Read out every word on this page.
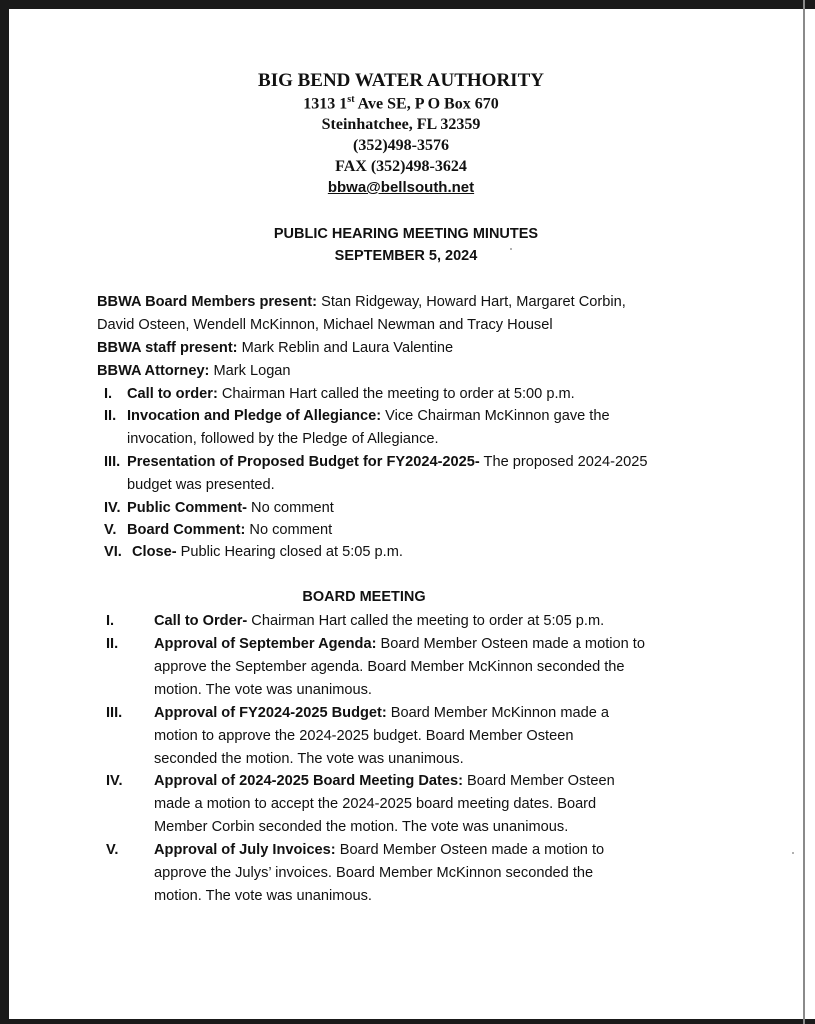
BIG BEND WATER AUTHORITY
1313 1st Ave SE, P O Box 670
Steinhatchee, FL 32359
(352)498-3576
FAX (352)498-3624
bbwa@bellsouth.net
PUBLIC HEARING MEETING MINUTES
SEPTEMBER 5, 2024
BBWA Board Members present: Stan Ridgeway, Howard Hart, Margaret Corbin,
David Osteen, Wendell McKinnon, Michael Newman and Tracy Housel
BBWA staff present: Mark Reblin and Laura Valentine
BBWA Attorney: Mark Logan
I. Call to order: Chairman Hart called the meeting to order at 5:00 p.m.
II. Invocation and Pledge of Allegiance: Vice Chairman McKinnon gave the
invocation, followed by the Pledge of Allegiance.
III. Presentation of Proposed Budget for FY2024-2025- The proposed 2024-2025
budget was presented.
IV. Public Comment- No comment
V. Board Comment: No comment
VI. Close- Public Hearing closed at 5:05 p.m.
BOARD MEETING
I.	Call to Order- Chairman Hart called the meeting to order at 5:05 p.m.
II. Approval of September Agenda: Board Member Osteen made a motion to
approve the September agenda. Board Member McKinnon seconded the
motion. The vote was unanimous.
III. Approval of FY2024-2025 Budget: Board Member McKinnon made a
motion to approve the 2024-2025 budget. Board Member Osteen
seconded the motion. The vote was unanimous.
IV. Approval of 2024-2025 Board Meeting Dates: Board Member Osteen
made a motion to accept the 2024-2025 board meeting dates. Board
Member Corbin seconded the motion. The vote was unanimous.
V. Approval of July Invoices: Board Member Osteen made a motion to
approve the Julys’ invoices. Board Member McKinnon seconded the
motion. The vote was unanimous.
